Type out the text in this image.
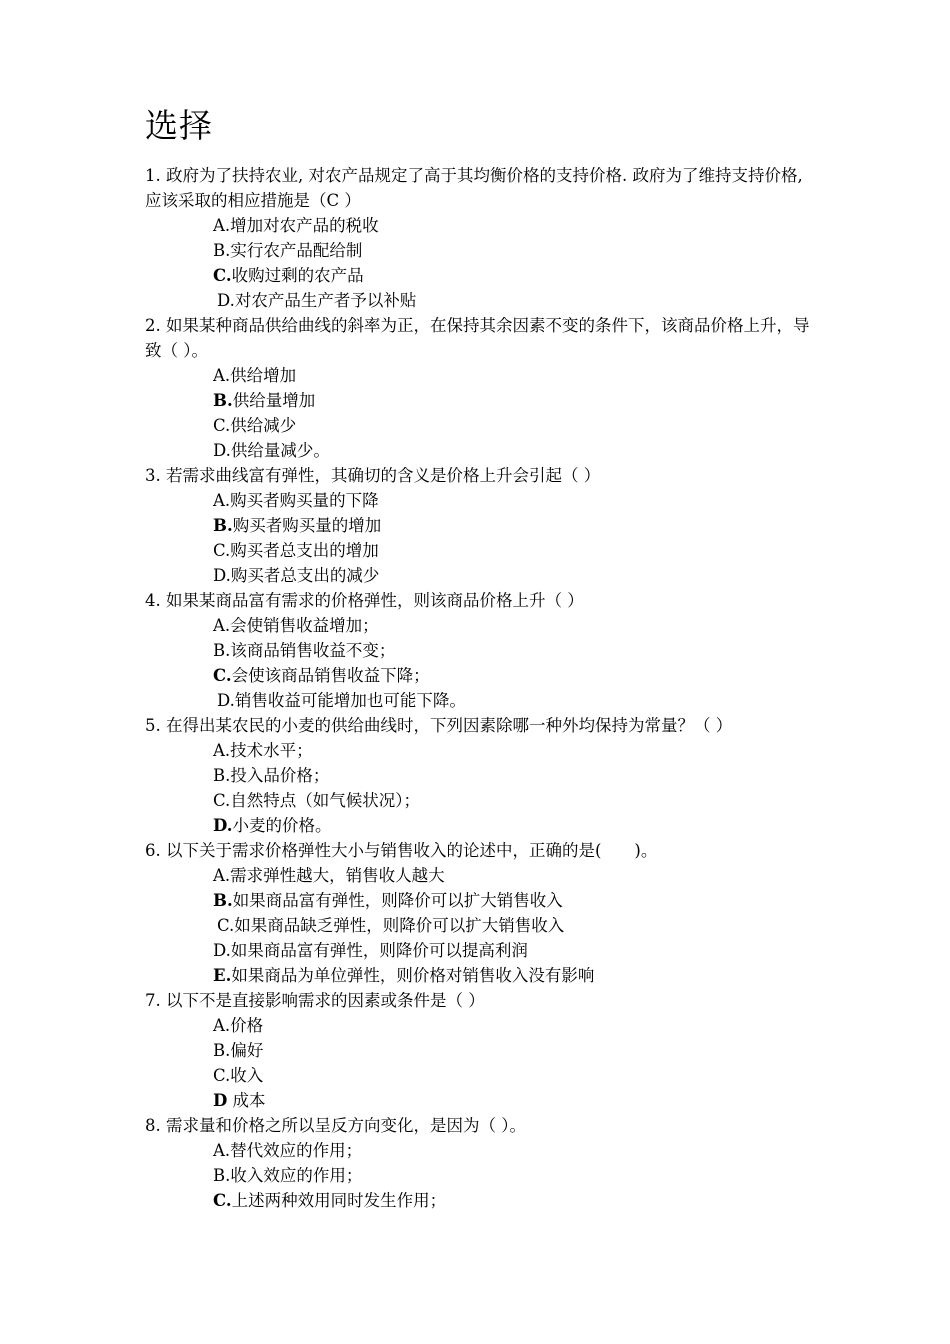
选择

1. 政府为了扶持农业, 对农产品规定了高于其均衡价格的支持价格. 政府为了维持支持价格, 应该采取的相应措施是（C ）

A.增加对农产品的税收

B.实行农产品配给制

C.收购过剩的农产品

D.对农产品生产者予以补贴

2. 如果某种商品供给曲线的斜率为正，在保持其余因素不变的条件下，该商品价格上升，导致（ ）。

A.供给增加

B.供给量增加

C.供给减少

D.供给量减少。

3. 若需求曲线富有弹性，其确切的含义是价格上升会引起（ ）

A.购买者购买量的下降

B.购买者购买量的增加

C.购买者总支出的增加

D.购买者总支出的减少

4. 如果某商品富有需求的价格弹性，则该商品价格上升（ ）

A.会使销售收益增加；

B.该商品销售收益不变；

C.会使该商品销售收益下降；

D.销售收益可能增加也可能下降。

5. 在得出某农民的小麦的供给曲线时，下列因素除哪一种外均保持为常量？（ ）

A.技术水平；

B.投入品价格；

C.自然特点（如气候状况）；

D.小麦的价格。

6. 以下关于需求价格弹性大小与销售收入的论述中，正确的是(　　)。

A.需求弹性越大，销售收人越大

B.如果商品富有弹性，则降价可以扩大销售收入

C.如果商品缺乏弹性，则降价可以扩大销售收入

D.如果商品富有弹性，则降价可以提高利润

E.如果商品为单位弹性，则价格对销售收入没有影响

7. 以下不是直接影响需求的因素或条件是（ ）

A.价格

B.偏好

C.收入

D 成本

8. 需求量和价格之所以呈反方向变化，是因为（ ）。

A.替代效应的作用；

B.收入效应的作用；

C.上述两种效用同时发生作用；
